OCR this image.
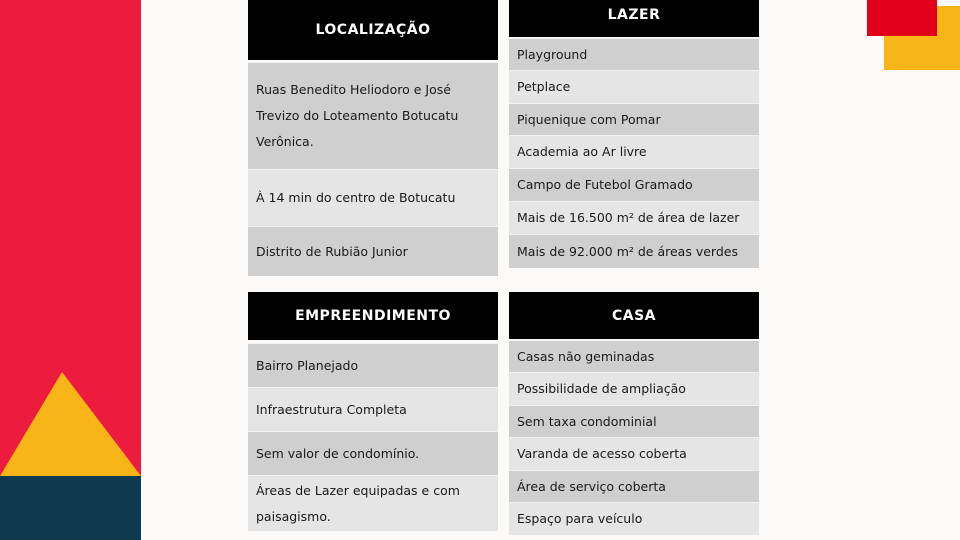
LOCALIZAÇÃO
Ruas Benedito Heliodoro e José Trevizo do Loteamento Botucatu Verônica.
À 14 min do centro de Botucatu
Distrito de Rubião Junior
LAZER
Playground
Petplace
Piquenique com Pomar
Academia ao Ar livre
Campo de Futebol Gramado
Mais de 16.500 m² de área de lazer
Mais de 92.000 m² de áreas verdes
EMPREENDIMENTO
Bairro Planejado
Infraestrutura Completa
Sem valor de condomínio.
Áreas de Lazer equipadas e com paisagismo.
CASA
Casas não geminadas
Possibilidade de ampliação
Sem taxa condominial
Varanda de acesso coberta
Área de serviço coberta
Espaço para veículo
